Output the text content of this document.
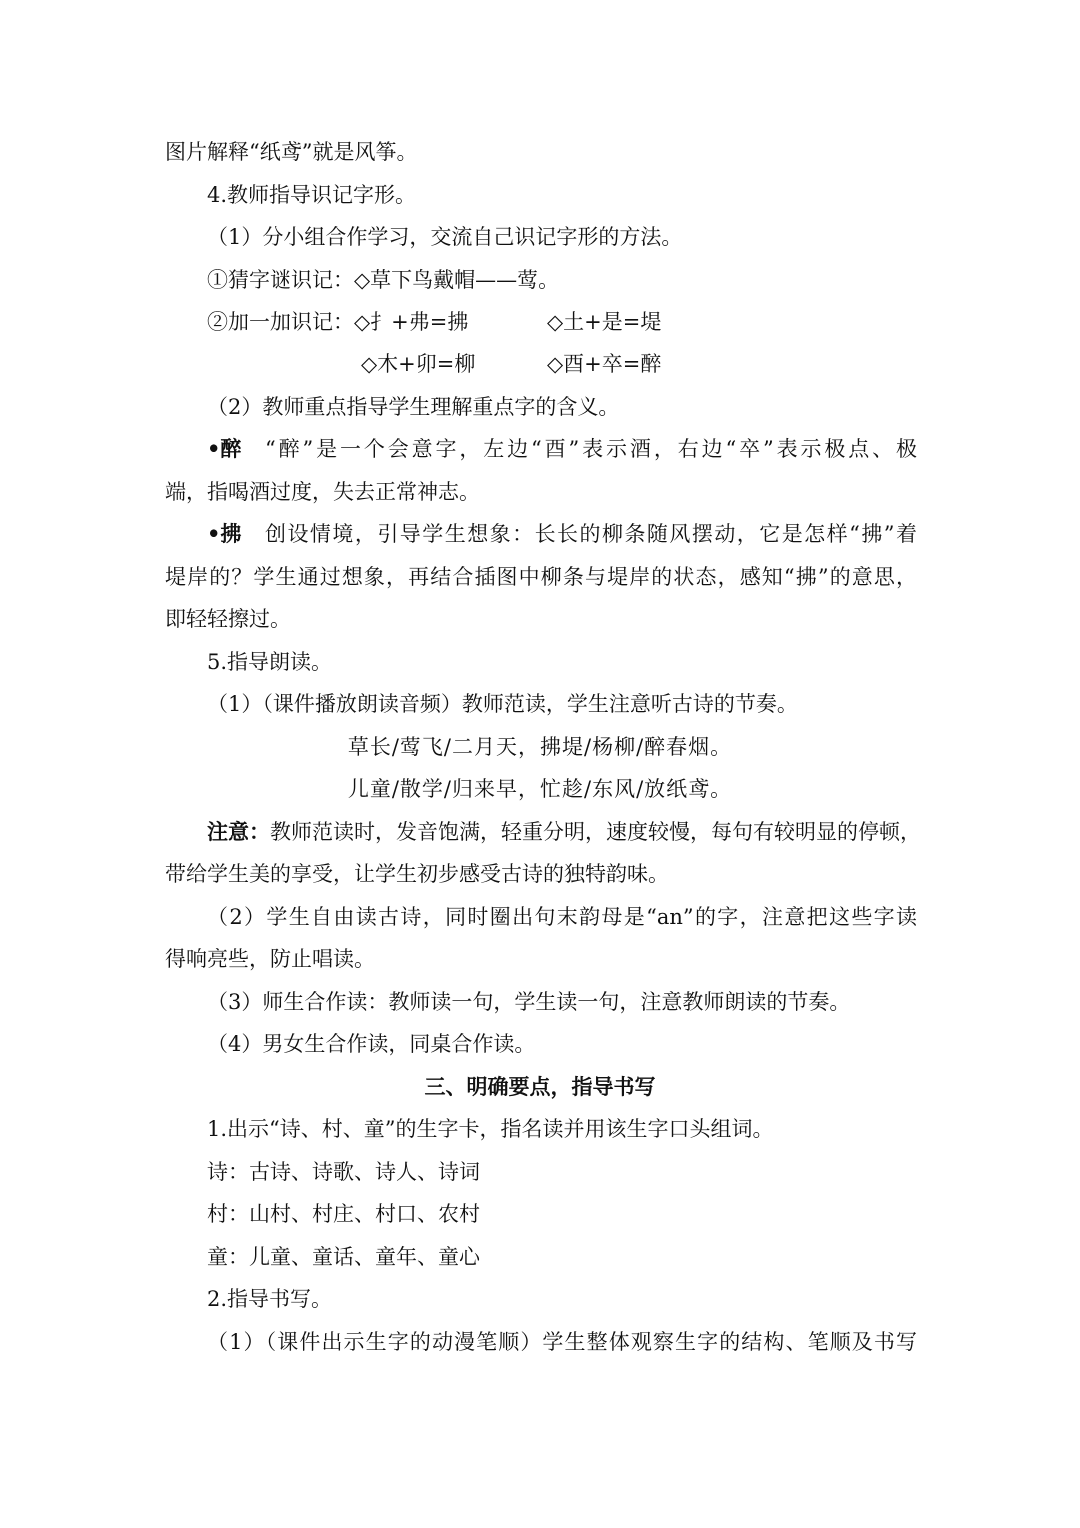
图片解释“纸鸢”就是风筝。
4.教师指导识记字形。
（1）分小组合作学习，交流自己识记字形的方法。
①猜字谜识记：◇草下鸟戴帽——莺。
②加一加识记：◇扌+弗=拂	◇土+是=堤
◇木+卯=柳	◇酉+卒=醉
（2）教师重点指导学生理解重点字的含义。
•醉	“醉”是一个会意字，左边“酉”表示酒，右边“卒”表示极点、极
端，指喝酒过度，失去正常神志。
•拂	创设情境，引导学生想象：长长的柳条随风摆动，它是怎样“拂”着
堤岸的？学生通过想象，再结合插图中柳条与堤岸的状态，感知“拂”的意思，
即轻轻擦过。
5.指导朗读。
（1）（课件播放朗读音频）教师范读，学生注意听古诗的节奏。
草长/莺飞/二月天，拂堤/杨柳/醉春烟。
儿童/散学/归来早，忙趁/东风/放纸鸢。
注意： 教师范读时，发音饱满，轻重分明，速度较慢，每句有较明显的停顿，
带给学生美的享受，让学生初步感受古诗的独特韵味。
（2）学生自由读古诗，同时圈出句末韵母是“an”的字，注意把这些字读
得响亮些，防止唱读。
（3）师生合作读：教师读一句，学生读一句，注意教师朗读的节奏。
（4）男女生合作读，同桌合作读。
三、明确要点，指导书写
1.出示“诗、村、童”的生字卡，指名读并用该生字口头组词。
诗：古诗、诗歌、诗人、诗词
村：山村、村庄、村口、农村
童：儿童、童话、童年、童心
2.指导书写。
（1）（课件出示生字的动漫笔顺）学生整体观察生字的结构、笔顺及书写
